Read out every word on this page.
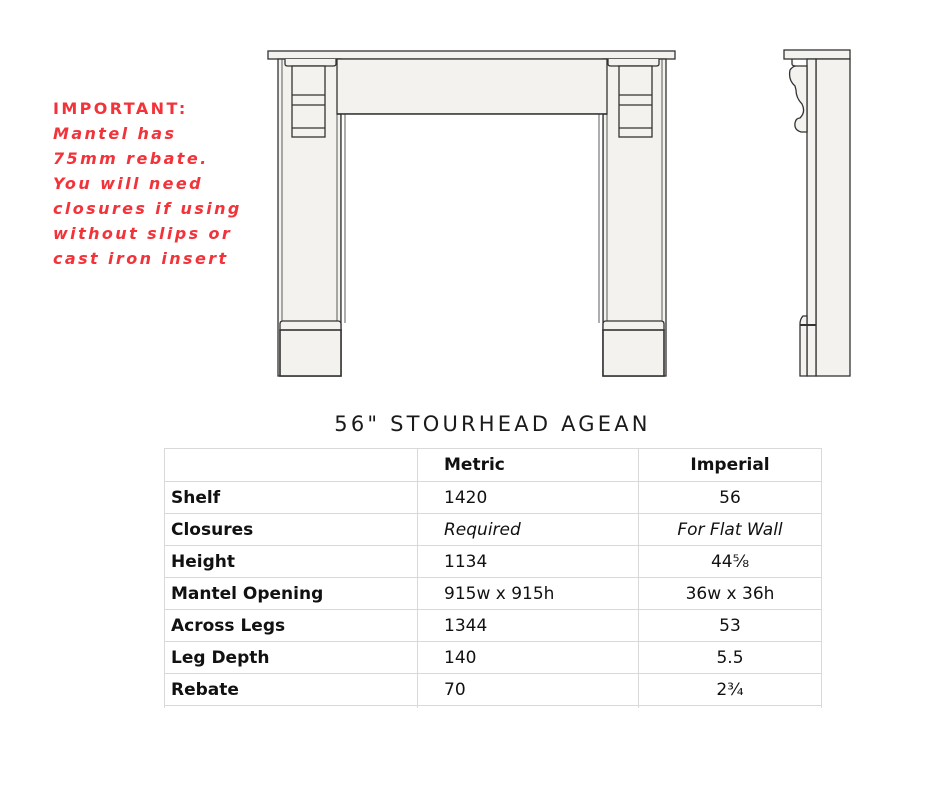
IMPORTANT:
Mantel has
75mm rebate.
You will need
closures if using
without slips or
cast iron insert
56" STOURHEAD AGEAN
	Metric	Imperial
Shelf	1420	56
Closures	Required	For Flat Wall
Height	1134	44⅝
Mantel Opening	915w x 915h	36w x 36h
Across Legs	1344	53
Leg Depth	140	5.5
Rebate	70	2¾
